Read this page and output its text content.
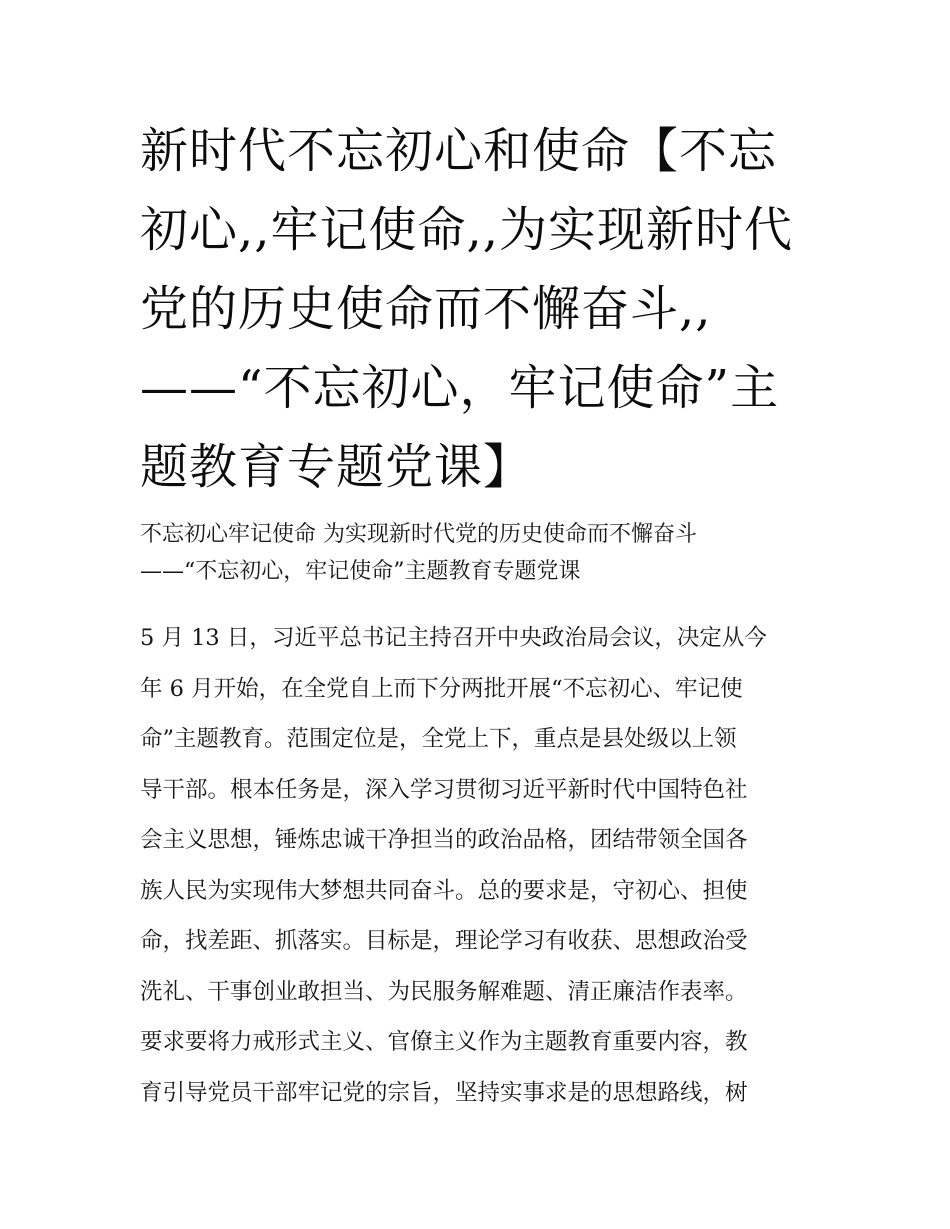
新时代不忘初心和使命【不忘
初心,,牢记使命,,为实现新时代
党的历史使命而不懈奋斗,,
——“不忘初心，牢记使命”主
题教育专题党课】
不忘初心牢记使命 为实现新时代党的历史使命而不懈奋斗
——“不忘初心，牢记使命”主题教育专题党课
5 月 13 日，习近平总书记主持召开中央政治局会议，决定从今
年 6 月开始，在全党自上而下分两批开展“不忘初心、牢记使
命”主题教育。范围定位是，全党上下，重点是县处级以上领
导干部。根本任务是，深入学习贯彻习近平新时代中国特色社
会主义思想，锤炼忠诚干净担当的政治品格，团结带领全国各
族人民为实现伟大梦想共同奋斗。总的要求是，守初心、担使
命，找差距、抓落实。目标是，理论学习有收获、思想政治受
洗礼、干事创业敢担当、为民服务解难题、清正廉洁作表率。
要求要将力戒形式主义、官僚主义作为主题教育重要内容，教
育引导党员干部牢记党的宗旨，坚持实事求是的思想路线，树
